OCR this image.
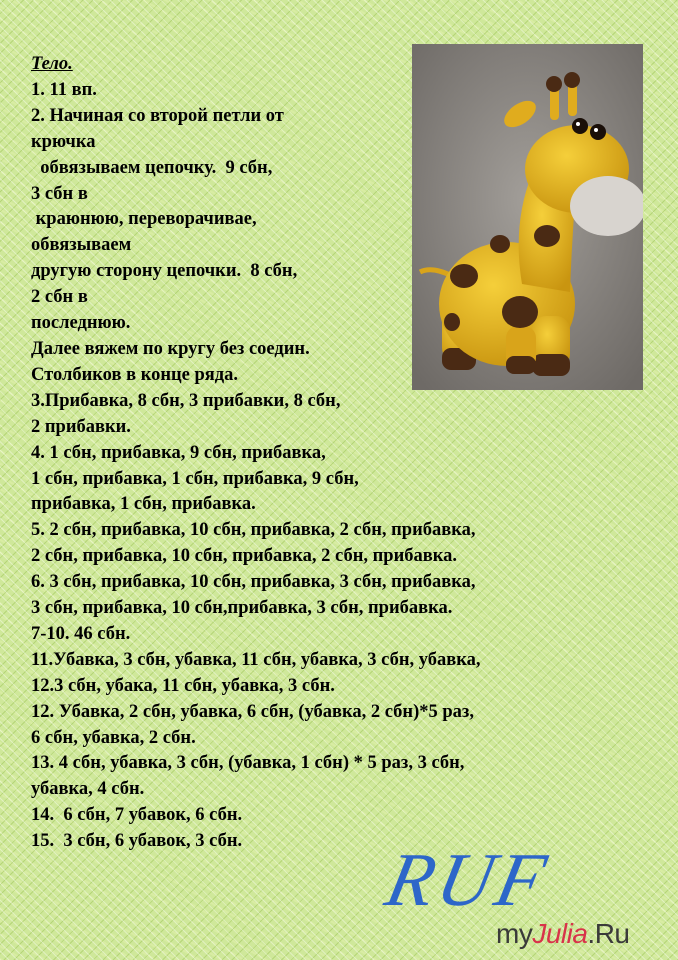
Тело.
1. 11 вп.
2. Начиная со второй петли от
крючка
обвязываем цепочку.  9 сбн,
3 сбн в
краюнюю, переворачивае,
обвязываем
другую сторону цепочки.  8 сбн,
2 сбн в
последнюю.
Далее вяжем по кругу без соедин.
Столбиков в конце ряда.
3.Прибавка, 8 сбн, 3 прибавки, 8 сбн,
2 прибавки.
4. 1 сбн, прибавка, 9 сбн, прибавка,
1 сбн, прибавка, 1 сбн, прибавка, 9 сбн,
прибавка, 1 сбн, прибавка.
5. 2 сбн, прибавка, 10 сбн, прибавка, 2 сбн, прибавка,
2 сбн, прибавка, 10 сбн, прибавка, 2 сбн, прибавка.
6. 3 сбн, прибавка, 10 сбн, прибавка, 3 сбн, прибавка,
3 сбн, прибавка, 10 сбн,прибавка, 3 сбн, прибавка.
7-10. 46 сбн.
11.Убавка, 3 сбн, убавка, 11 сбн, убавка, 3 сбн, убавка,
12.3 сбн, убака, 11 сбн, убавка, 3 сбн.
12. Убавка, 2 сбн, убавка, 6 сбн, (убавка, 2 сбн)*5 раз,
6 сбн, убавка, 2 сбн.
13. 4 сбн, убавка, 3 сбн, (убавка, 1 сбн) * 5 раз, 3 сбн,
убавка, 4 сбн.
14.  6 сбн, 7 убавок, 6 сбн.
15.  3 сбн, 6 убавок, 3 сбн.	RUF
myJulia.Ru
